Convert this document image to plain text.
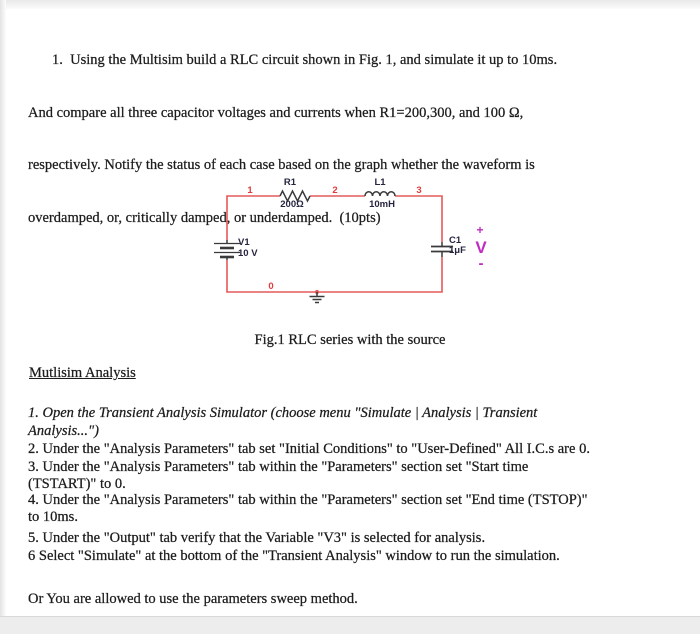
1.  Using the Multisim build a RLC circuit shown in Fig. 1, and simulate it up to 10ms.

And compare all three capacitor voltages and currents when R1=200,300, and 100 Ω,

respectively. Notify the status of each case based on the graph whether the waveform is

overdamped, or, critically damped, or underdamped.  (10pts)

1	2	3
0
R1
200Ω
L1
10mH
V1
10 V
C1
1μF
+
V
-
Fig.1 RLC series with the source
Mutlisim Analysis
1. Open the Transient Analysis Simulator (choose menu "Simulate | Analysis | Transient
Analysis...")
2. Under the "Analysis Parameters" tab set "Initial Conditions" to "User-Defined" All I.C.s are 0.
3. Under the "Analysis Parameters" tab within the "Parameters" section set "Start time
(TSTART)" to 0.
4. Under the "Analysis Parameters" tab within the "Parameters" section set "End time (TSTOP)"
to 10ms.
5. Under the "Output" tab verify that the Variable "V3" is selected for analysis.
6 Select "Simulate" at the bottom of the "Transient Analysis" window to run the simulation.
Or You are allowed to use the parameters sweep method.
